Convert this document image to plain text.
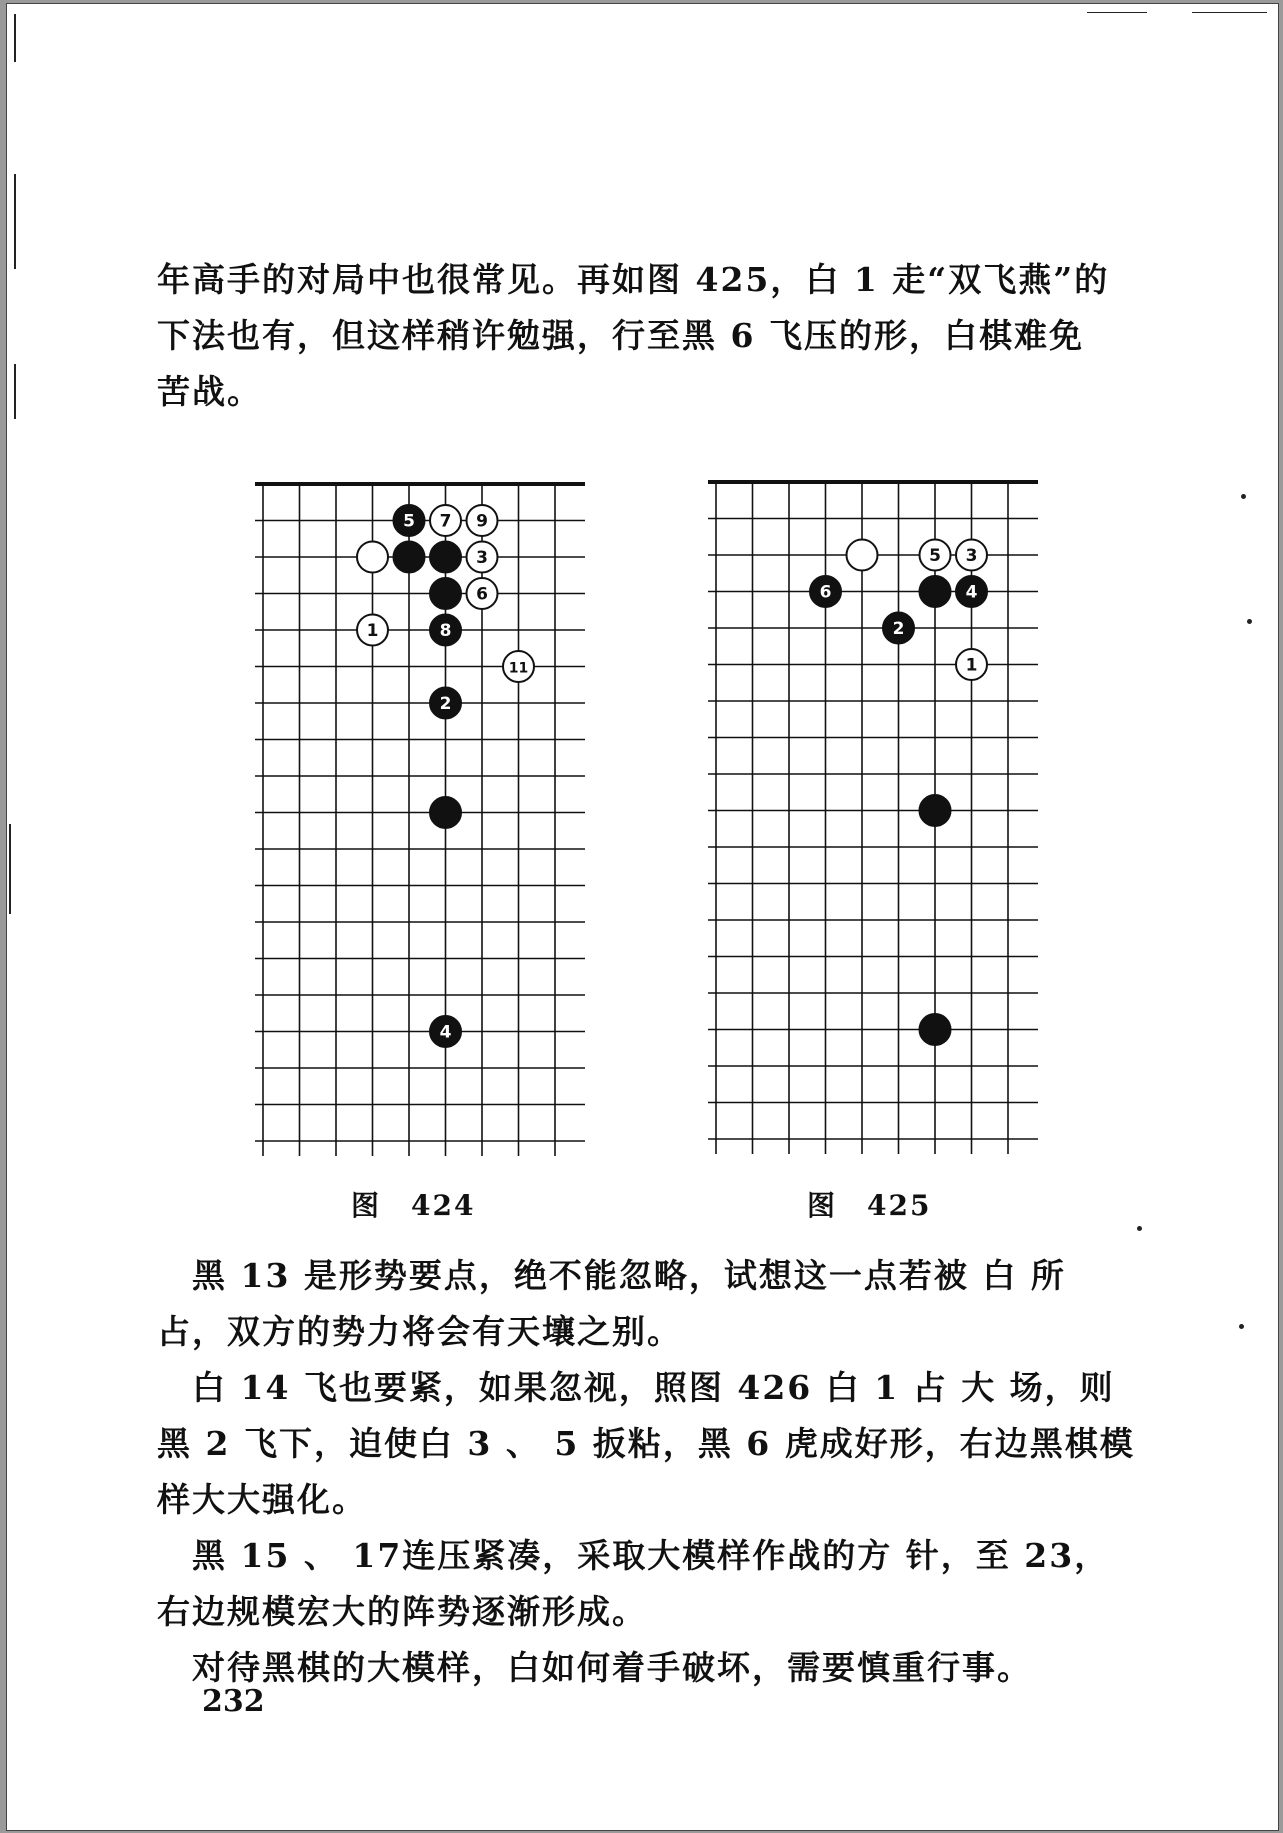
年高手的对局中也很常见。再如图 425，白 1 走“双飞燕”的
下法也有，但这样稍许勉强，行至黑 6 飞压的形，白棋难免
苦战。
5 7 9
3
6
1	8
11
2
4
5 3
6	4
2
1
图　424	图　425
　黑 13 是形势要点，绝不能忽略，试想这一点若被 白 所
占，双方的势力将会有天壤之别。
　白 14 飞也要紧，如果忽视，照图 426 白 1 占 大 场，则
黑 2 飞下，迫使白 3 、 5 扳粘，黑 6 虎成好形，右边黑棋模
样大大强化。
　黑 15 、 17连压紧凑，采取大模样作战的方 针，至 23，
右边规模宏大的阵势逐渐形成。
　对待黑棋的大模样，白如何着手破坏，需要慎重行事。
232
